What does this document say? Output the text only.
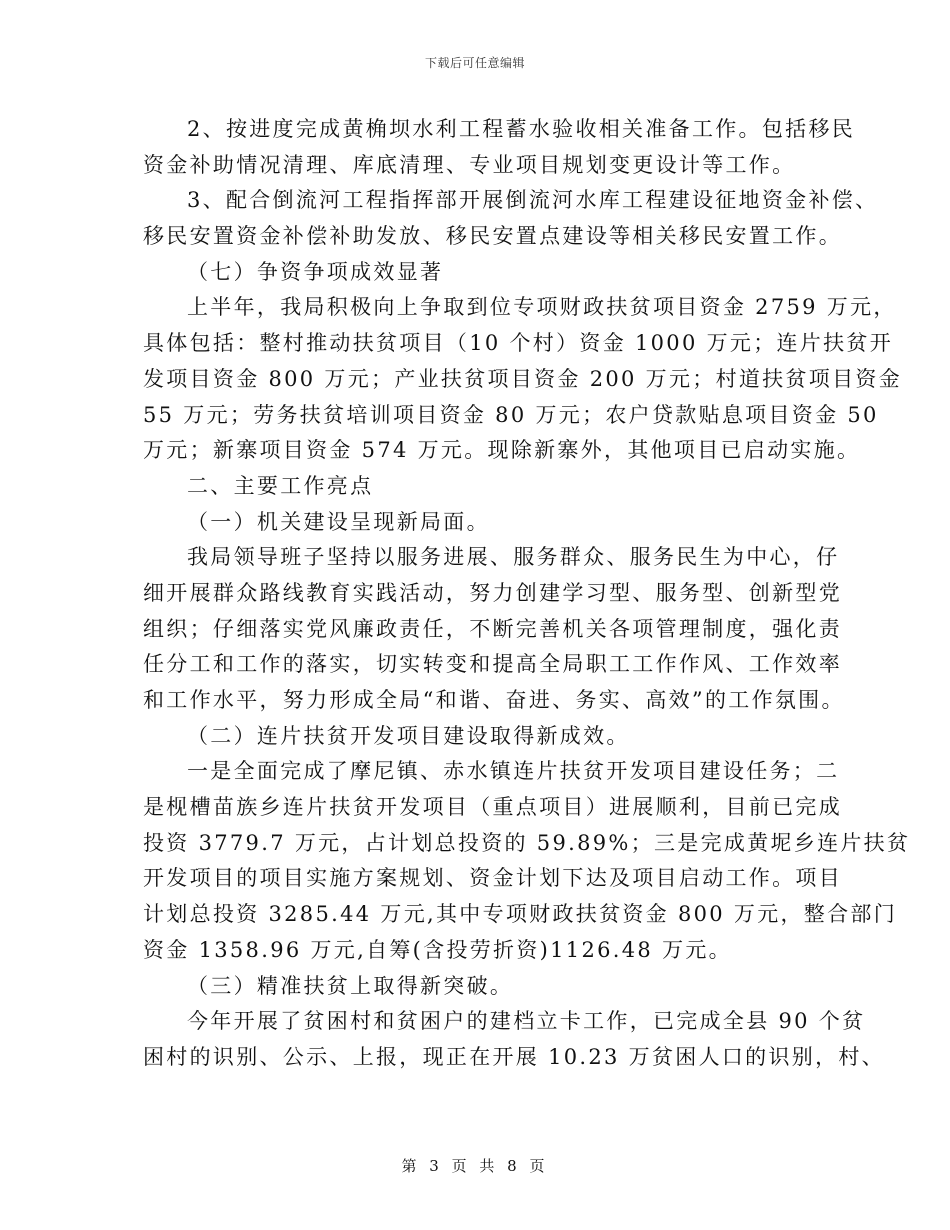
下载后可任意编辑
2、按进度完成黄桷坝水利工程蓄水验收相关准备工作。包括移民
资金补助情况清理、库底清理、专业项目规划变更设计等工作。
3、配合倒流河工程指挥部开展倒流河水库工程建设征地资金补偿、
移民安置资金补偿补助发放、移民安置点建设等相关移民安置工作。
（七）争资争项成效显著
上半年，我局积极向上争取到位专项财政扶贫项目资金 2759 万元，
具体包括：整村推动扶贫项目（10 个村）资金 1000 万元；连片扶贫开
发项目资金 800 万元；产业扶贫项目资金 200 万元；村道扶贫项目资金
55 万元；劳务扶贫培训项目资金 80 万元；农户贷款贴息项目资金 50
万元；新寨项目资金 574 万元。现除新寨外，其他项目已启动实施。
二、主要工作亮点
（一）机关建设呈现新局面。
我局领导班子坚持以服务进展、服务群众、服务民生为中心，仔
细开展群众路线教育实践活动，努力创建学习型、服务型、创新型党
组织；仔细落实党风廉政责任，不断完善机关各项管理制度，强化责
任分工和工作的落实，切实转变和提高全局职工工作作风、工作效率
和工作水平，努力形成全局“和谐、奋进、务实、高效”的工作氛围。
（二）连片扶贫开发项目建设取得新成效。
一是全面完成了摩尼镇、赤水镇连片扶贫开发项目建设任务；二
是枧槽苗族乡连片扶贫开发项目（重点项目）进展顺利，目前已完成
投资 3779.7 万元，占计划总投资的 59.89%；三是完成黄坭乡连片扶贫
开发项目的项目实施方案规划、资金计划下达及项目启动工作。项目
计划总投资 3285.44 万元,其中专项财政扶贫资金 800 万元，整合部门
资金 1358.96 万元,自筹(含投劳折资)1126.48 万元。
（三）精准扶贫上取得新突破。
今年开展了贫困村和贫困户的建档立卡工作，已完成全县 90 个贫
困村的识别、公示、上报，现正在开展 10.23 万贫困人口的识别，村、
第 3 页 共 8 页
